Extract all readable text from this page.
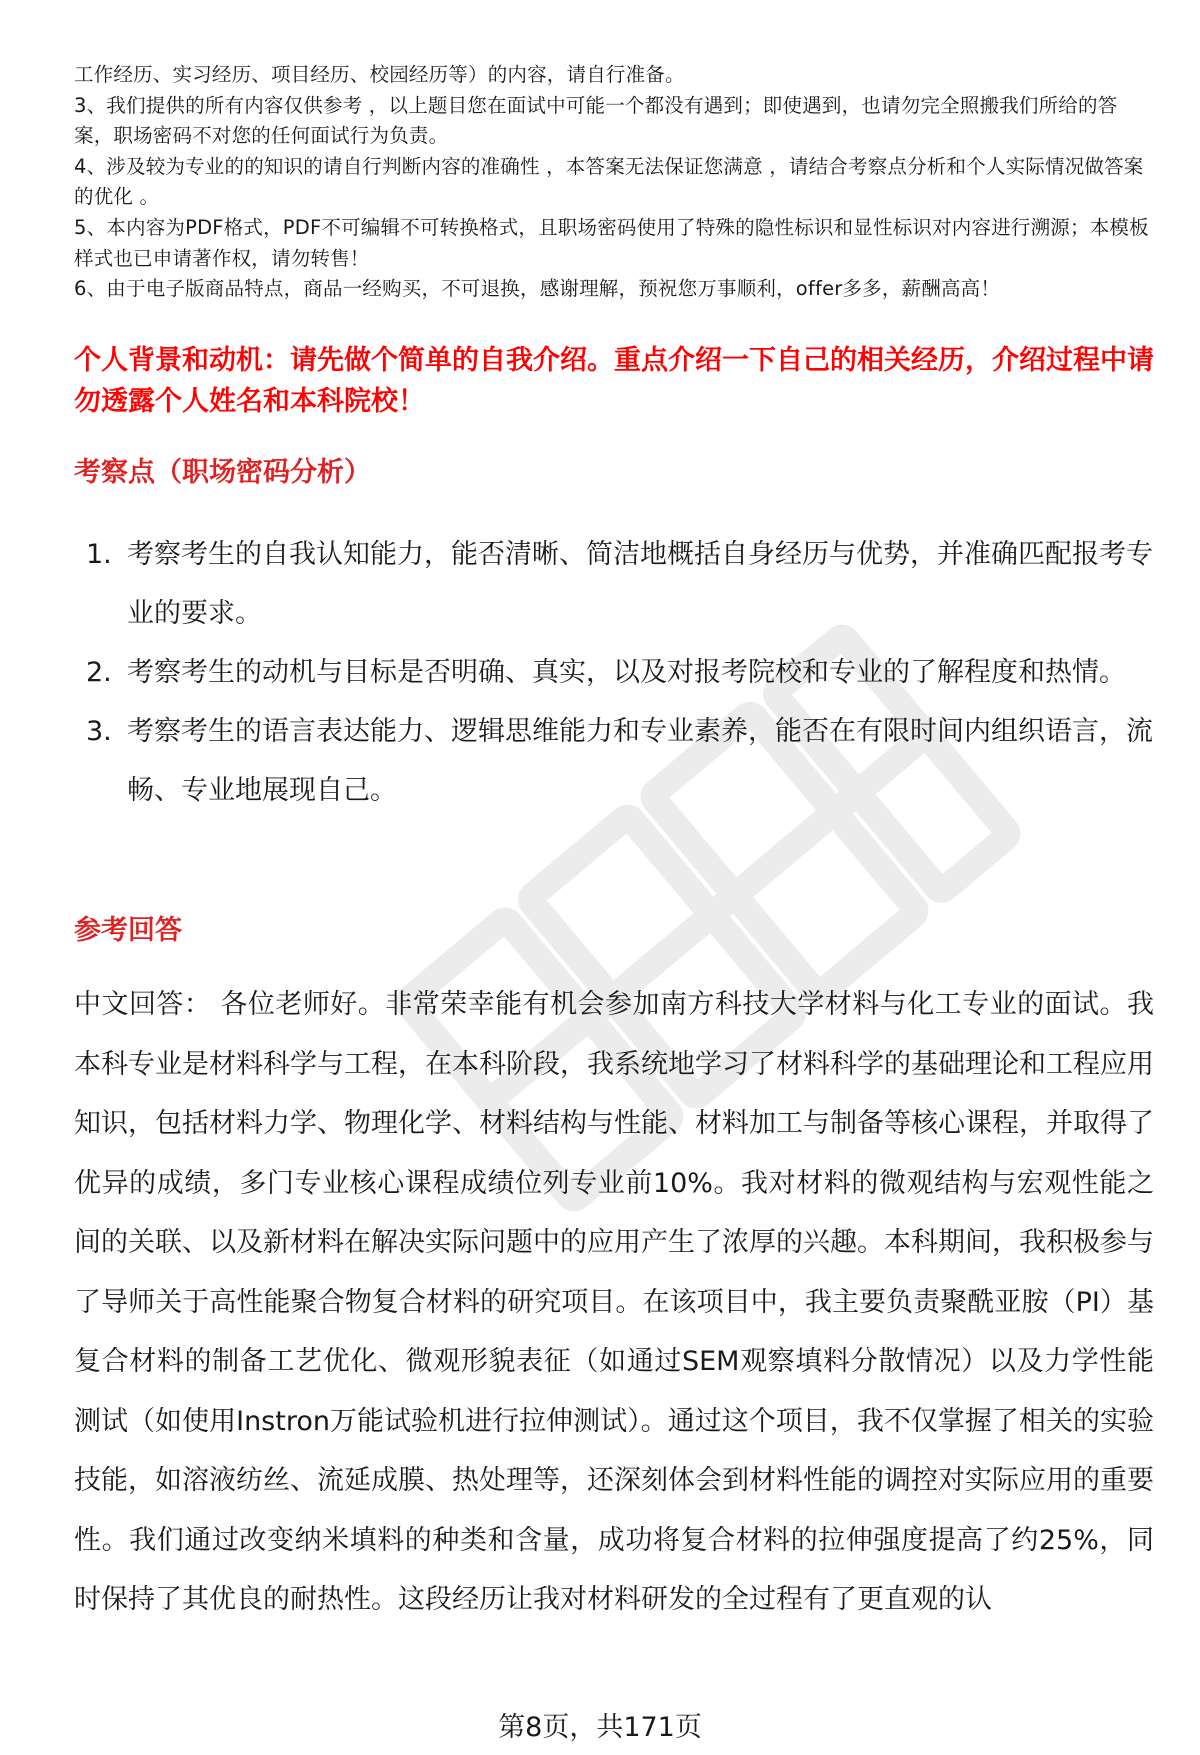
工作经历、实习经历、项目经历、校园经历等）的内容，请自行准备。

3、我们提供的所有内容仅供参考 ，以上题目您在面试中可能一个都没有遇到；即使遇到，也请勿完全照搬我们所给的答案，职场密码不对您的任何面试行为负责。

4、涉及较为专业的的知识的请自行判断内容的准确性 ，本答案无法保证您满意 ，请结合考察点分析和个人实际情况做答案的优化 。

5、本内容为PDF格式，PDF不可编辑不可转换格式，且职场密码使用了特殊的隐性标识和显性标识对内容进行溯源；本模板样式也已申请著作权，请勿转售！

6、由于电子版商品特点，商品一经购买，不可退换，感谢理解，预祝您万事顺利，offer多多，薪酬高高！

个人背景和动机：请先做个简单的自我介绍。重点介绍一下自己的相关经历，介绍过程中请勿透露个人姓名和本科院校！
考察点（职场密码分析）
1. 考察考生的自我认知能力，能否清晰、简洁地概括自身经历与优势，并准确匹配报考专业的要求。
2. 考察考生的动机与目标是否明确、真实，以及对报考院校和专业的了解程度和热情。
3. 考察考生的语言表达能力、逻辑思维能力和专业素养，能否在有限时间内组织语言，流畅、专业地展现自己。
参考回答

中文回答： 各位老师好。非常荣幸能有机会参加南方科技大学材料与化工专业的面试。我本科专业是材料科学与工程，在本科阶段，我系统地学习了材料科学的基础理论和工程应用知识，包括材料力学、物理化学、材料结构与性能、材料加工与制备等核心课程，并取得了优异的成绩，多门专业核心课程成绩位列专业前10%。我对材料的微观结构与宏观性能之间的关联、以及新材料在解决实际问题中的应用产生了浓厚的兴趣。本科期间，我积极参与了导师关于高性能聚合物复合材料的研究项目。在该项目中，我主要负责聚酰亚胺（PI）基复合材料的制备工艺优化、微观形貌表征（如通过SEM观察填料分散情况）以及力学性能测试（如使用Instron万能试验机进行拉伸测试）。通过这个项目，我不仅掌握了相关的实验技能，如溶液纺丝、流延成膜、热处理等，还深刻体会到材料性能的调控对实际应用的重要性。我们通过改变纳米填料的种类和含量，成功将复合材料的拉伸强度提高了约25%，同时保持了其优良的耐热性。这段经历让我对材料研发的全过程有了更直观的认

第8页，共171页
